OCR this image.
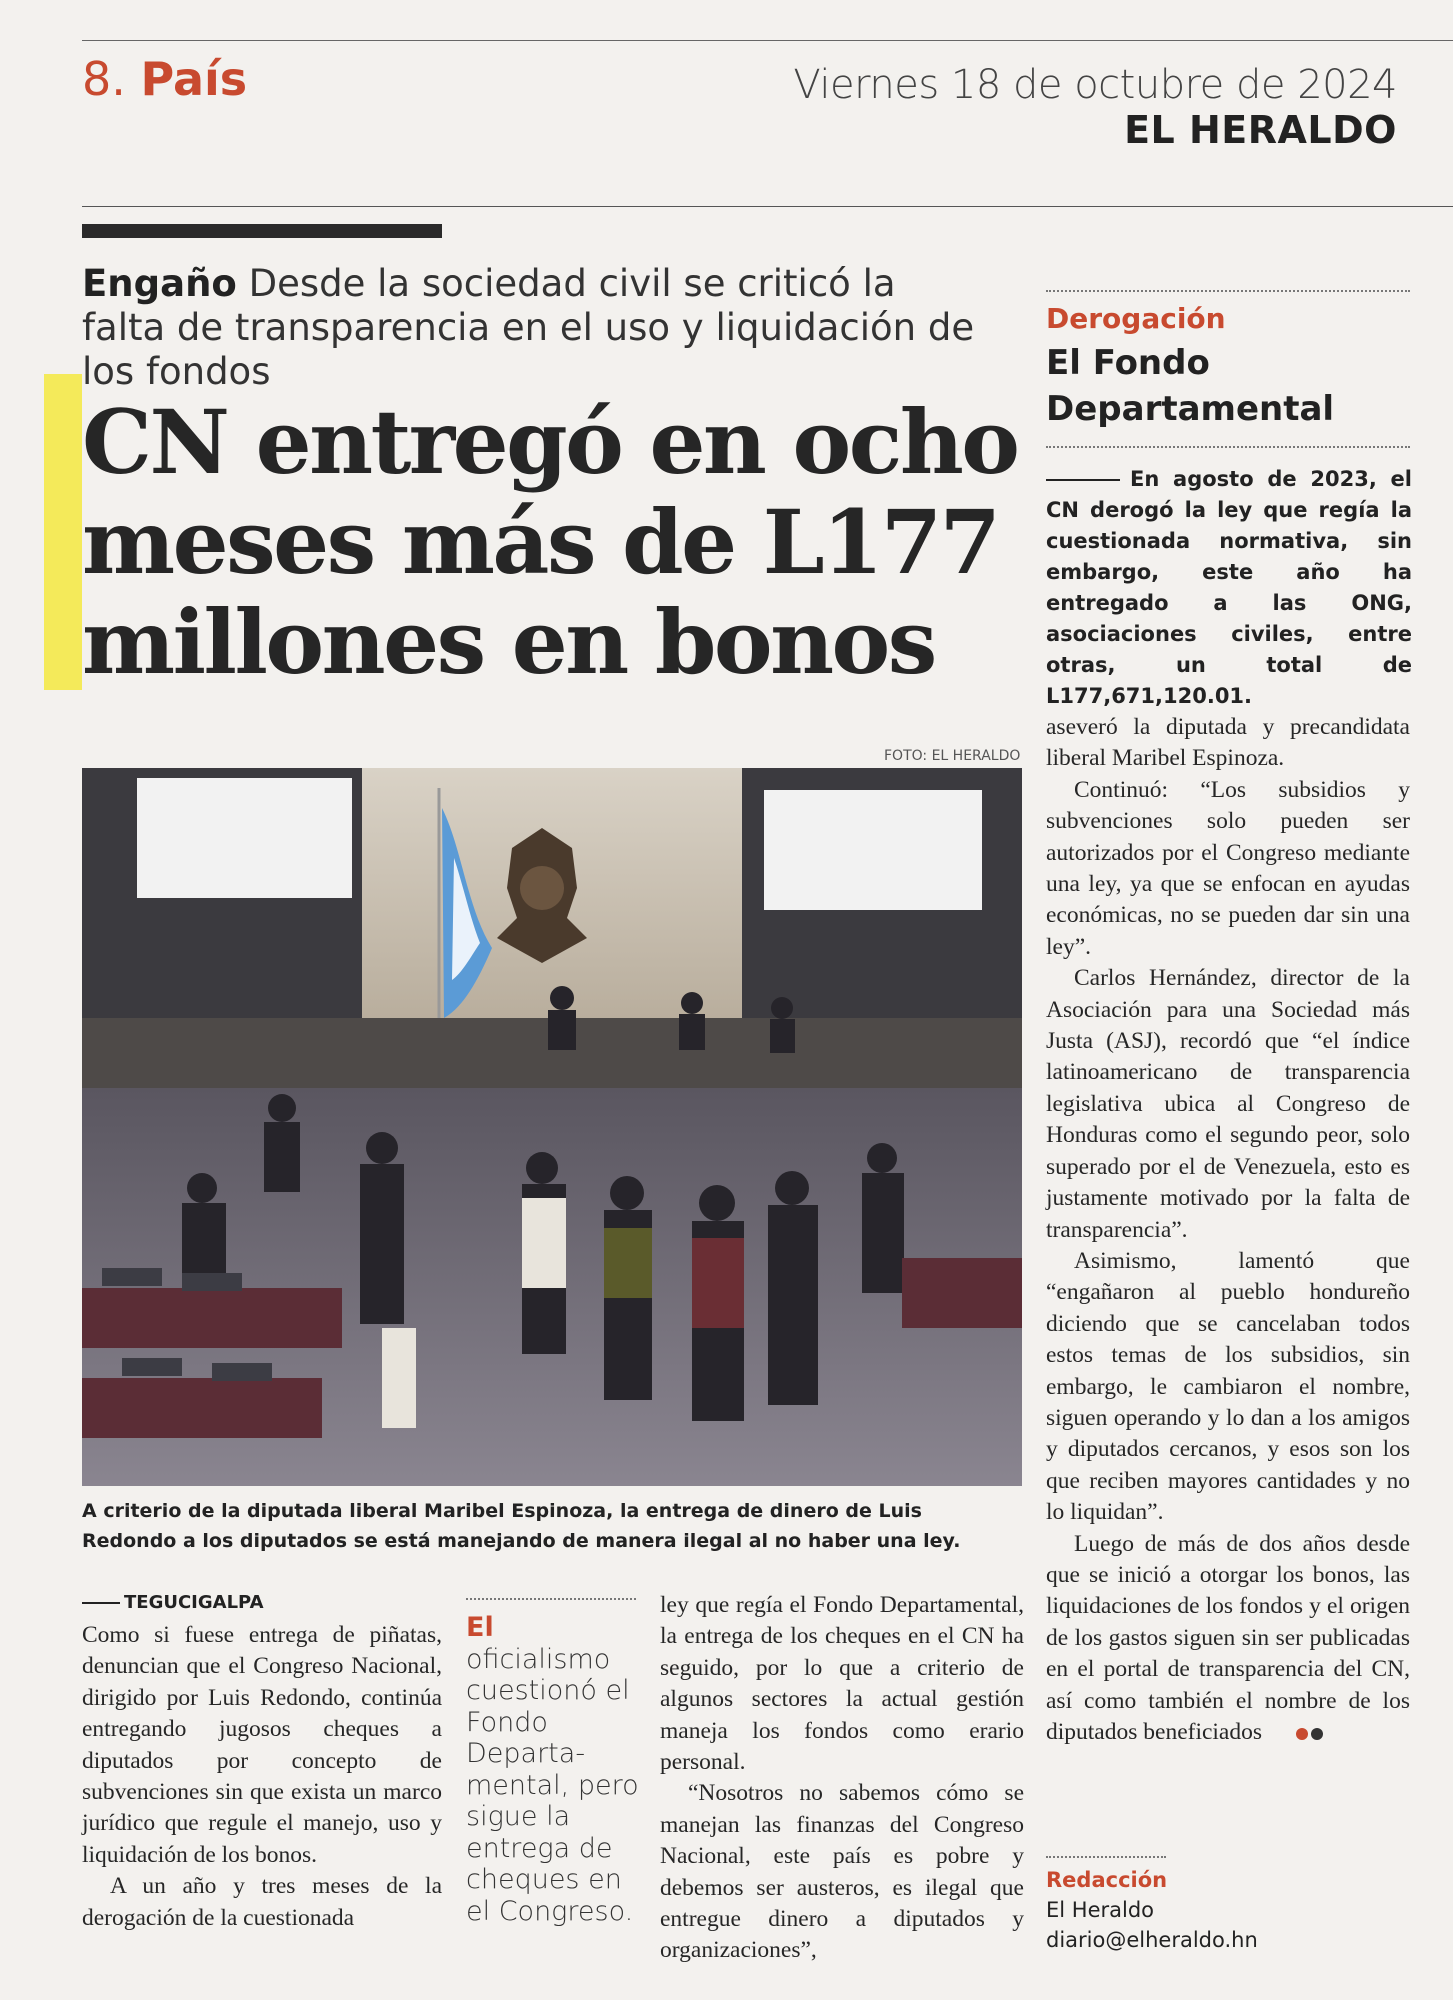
8. País	Viernes 18 de octubre de 2024
EL HERALDO
Engaño Desde la sociedad civil se criticó la falta de transparencia en el uso y liquidación de los fondos
CN entregó en ocho meses más de L177 millones en bonos
FOTO: EL HERALDO
A criterio de la diputada liberal Maribel Espinoza, la entrega de dinero de Luis Redondo a los diputados se está manejando de manera ilegal al no haber una ley.
Derogación
El Fondo Departamental
En agosto de 2023, el CN derogó la ley que regía la cuestionada normativa, sin embargo, este año ha entregado a las ONG, asociaciones civiles, entre otras, un total de L177,671,120.01.

aseveró la diputada y precandidata liberal Maribel Espinoza.

Continuó: “Los subsidios y subvenciones solo pueden ser autorizados por el Congreso mediante una ley, ya que se enfocan en ayudas económicas, no se pueden dar sin una ley”.

Carlos Hernández, director de la Asociación para una Sociedad más Justa (ASJ), recordó que “el índice latinoamericano de transparencia legislativa ubica al Congreso de Honduras como el segundo peor, solo superado por el de Venezuela, esto es justamente motivado por la falta de transparencia”.

Asimismo, lamentó que “engañaron al pueblo hondureño diciendo que se cancelaban todos estos temas de los subsidios, sin embargo, le cambiaron el nombre, siguen operando y lo dan a los amigos y diputados cercanos, y esos son los que reciben mayores cantidades y no lo liquidan”.

Luego de más de dos años desde que se inició a otorgar los bonos, las liquidaciones de los fondos y el origen de los gastos siguen sin ser publicadas en el portal de transparencia del CN, así como también el nombre de los diputados beneficiados

Redacción
El Heraldo
diario@elheraldo.hn
TEGUCIGALPA

Como si fuese entrega de piñatas, denuncian que el Congreso Nacional, dirigido por Luis Redondo, continúa entregando jugosos cheques a diputados por concepto de subvenciones sin que exista un marco jurídico que regule el manejo, uso y liquidación de los bonos.

A un año y tres meses de la derogación de la cuestionada

El
oficialismo cuestionó el Fondo Departa-mental, pero sigue la entrega de cheques en el Congreso.

ley que regía el Fondo Departamental, la entrega de los cheques en el CN ha seguido, por lo que a criterio de algunos sectores la actual gestión maneja los fondos como erario personal.

“Nosotros no sabemos cómo se manejan las finanzas del Congreso Nacional, este país es pobre y debemos ser austeros, es ilegal que entregue dinero a diputados y organizaciones”,
